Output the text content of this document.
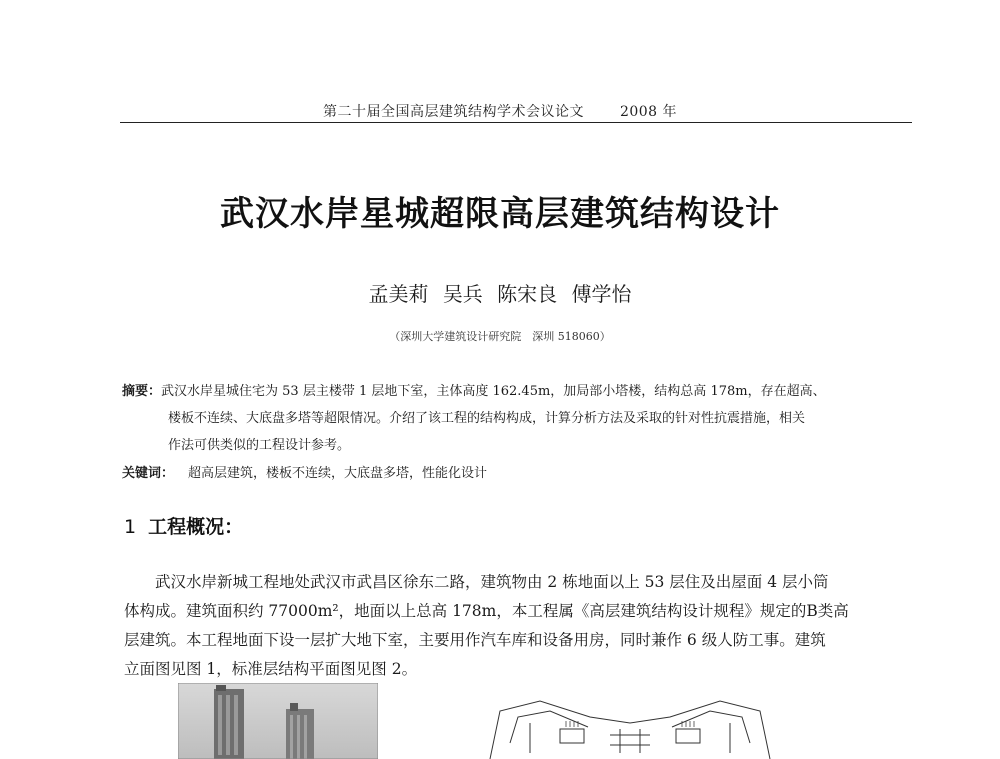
第二十届全国高层建筑结构学术会议论文	2008 年
武汉水岸星城超限高层建筑结构设计
孟美莉 吴兵 陈宋良 傅学怡
（深圳大学建筑设计研究院　深圳 518060）
摘要：武汉水岸星城住宅为 53 层主楼带 1 层地下室，主体高度 162.45m，加局部小塔楼，结构总高 178m，存在超高、
楼板不连续、大底盘多塔等超限情况。介绍了该工程的结构构成，计算分析方法及采取的针对性抗震措施，相关
作法可供类似的工程设计参考。
关键词： 超高层建筑，楼板不连续，大底盘多塔，性能化设计
1 工程概况：

　　武汉水岸新城工程地处武汉市武昌区徐东二路，建筑物由 2 栋地面以上 53 层住及出屋面 4 层小筒

体构成。建筑面积约 77000m²，地面以上总高 178m，本工程属《高层建筑结构设计规程》规定的B类高

层建筑。本工程地面下设一层扩大地下室，主要用作汽车库和设备用房，同时兼作 6 级人防工事。建筑

立面图见图 1，标准层结构平面图见图 2。
